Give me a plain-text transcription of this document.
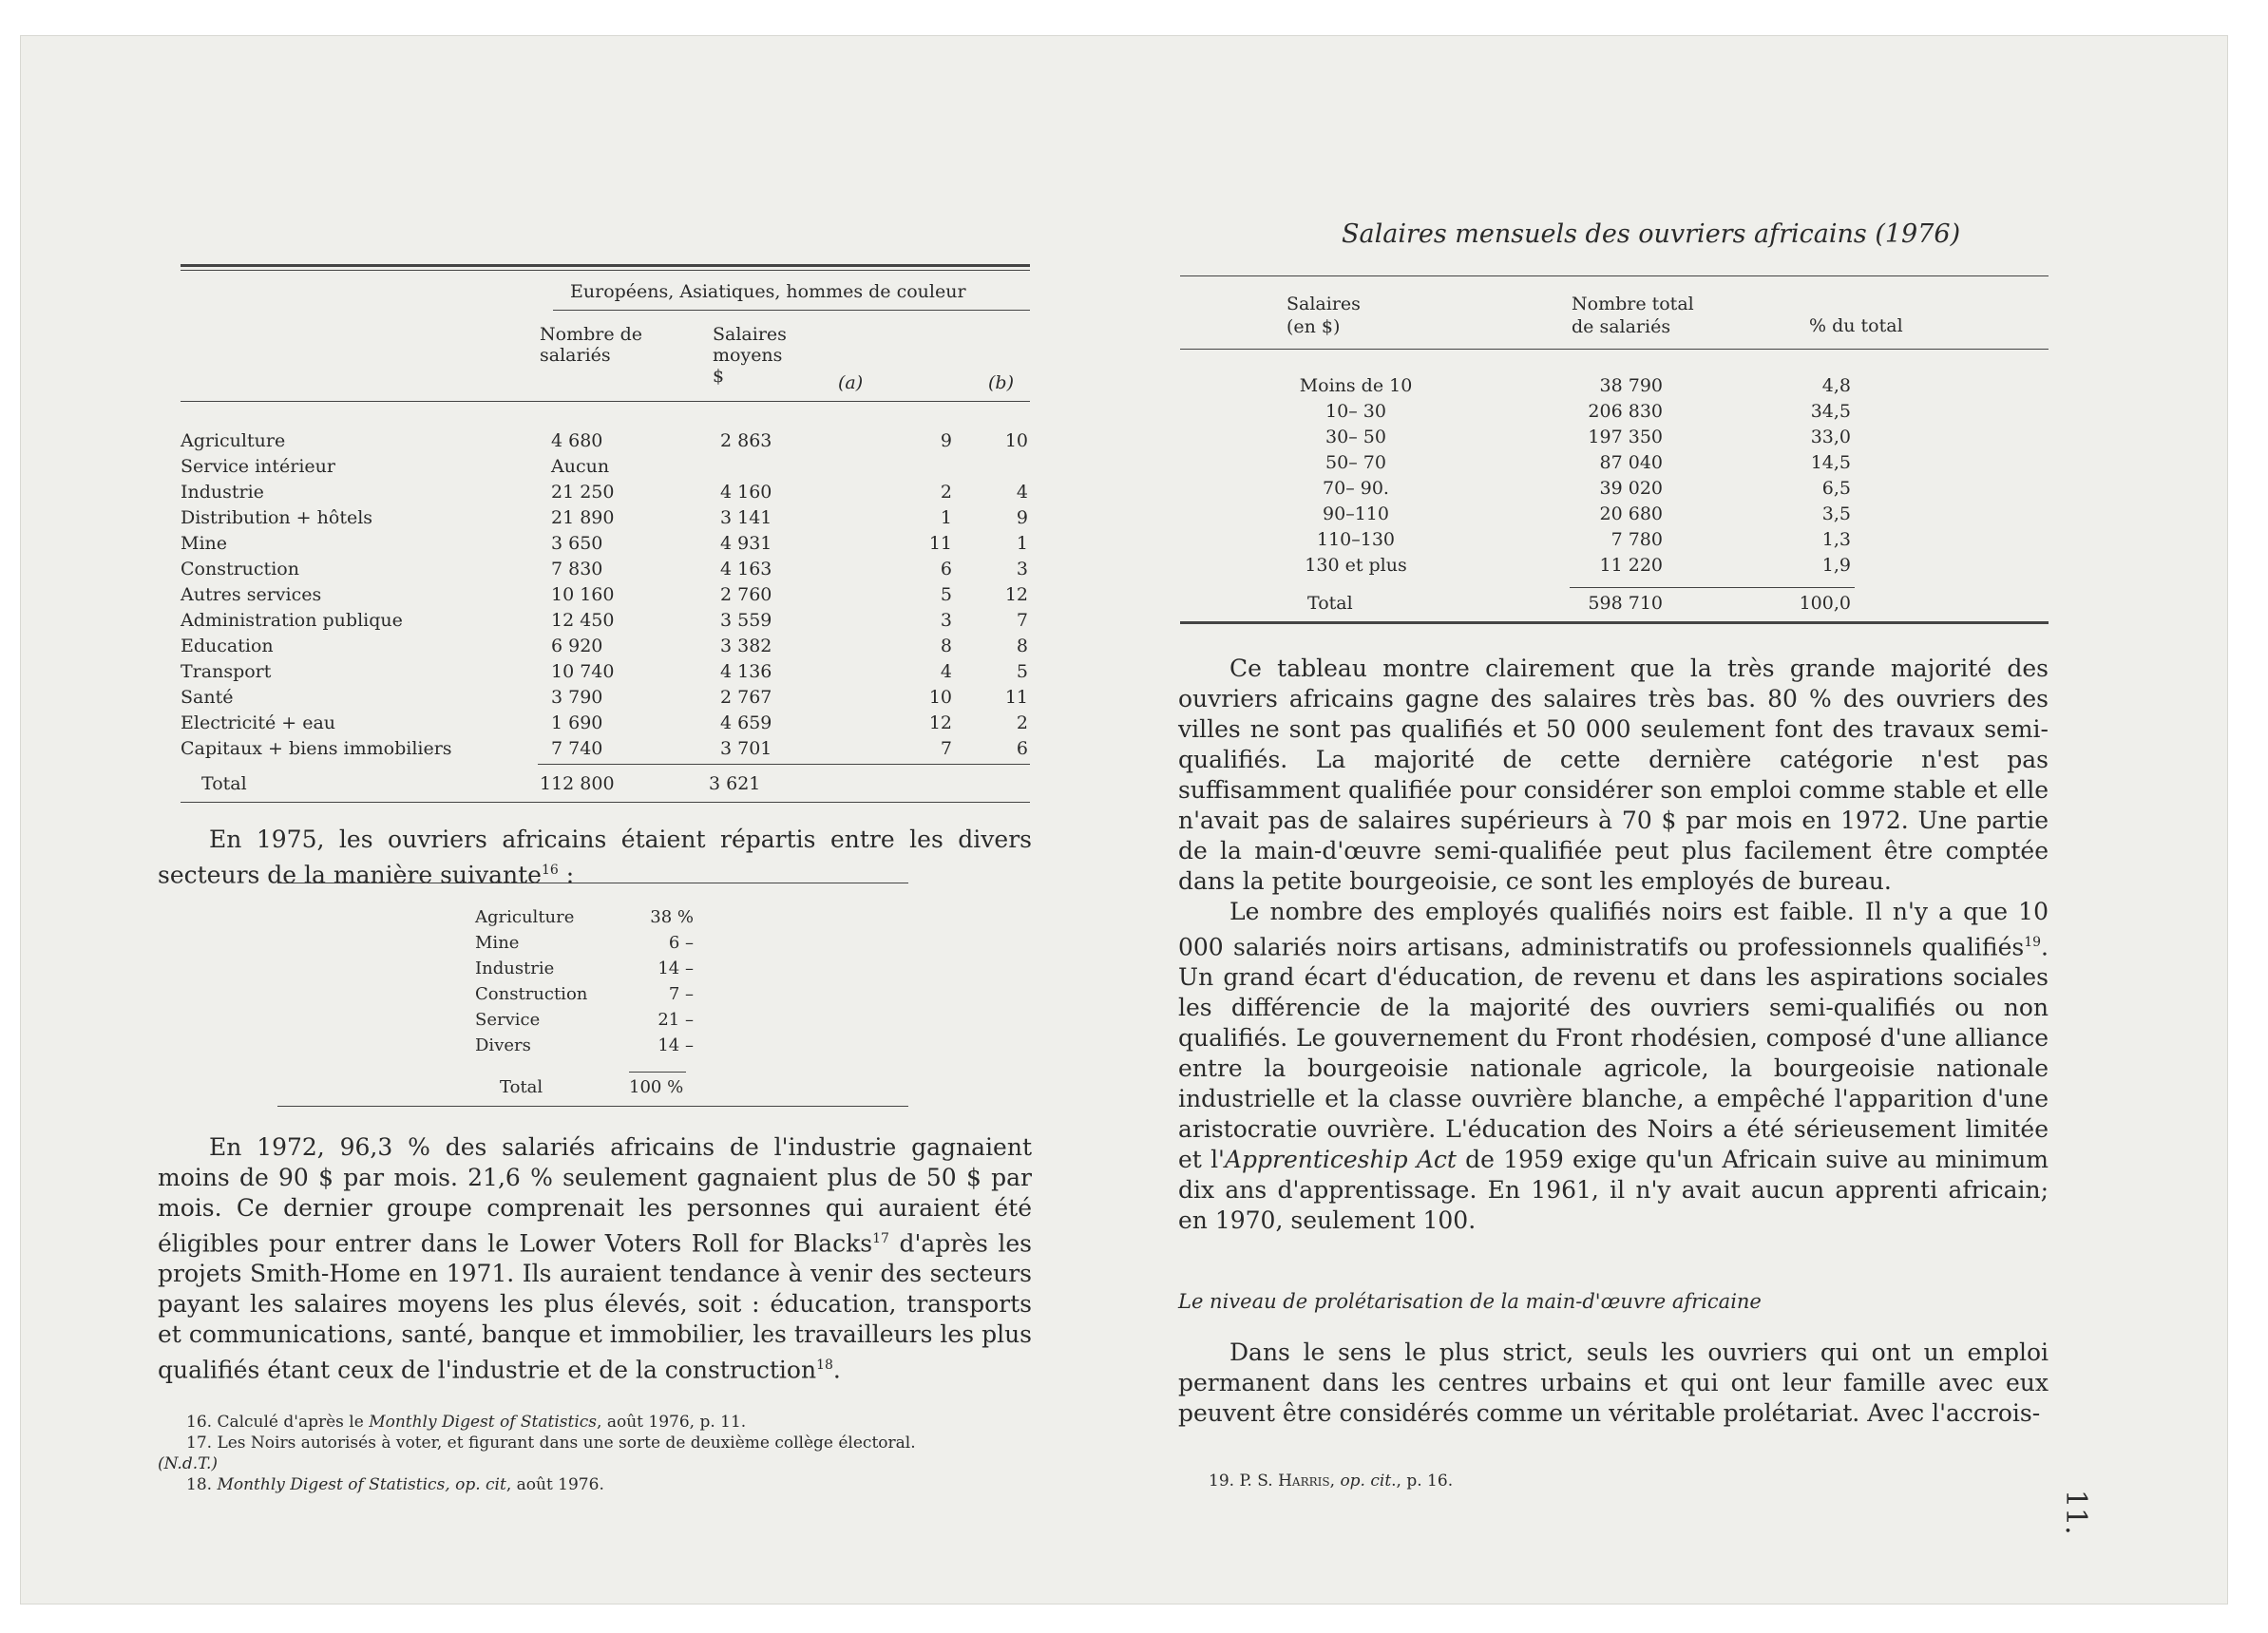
Européens, Asiatiques, hommes de couleur
Nombre de salariés
Salaires moyens $	(a)	(b)
Agriculture	4 680	2 863	9	10
Service intérieur	Aucun			
Industrie	21 250	4 160	2	4
Distribution + hôtels	21 890	3 141	1	9
Mine	3 650	4 931	11	1
Construction	7 830	4 163	6	3
Autres services	10 160	2 760	5	12
Administration publique	12 450	3 559	3	7
Education	6 920	3 382	8	8
Transport	10 740	4 136	4	5
Santé	3 790	2 767	10	11
Electricité + eau	1 690	4 659	12	2
Capitaux + biens immobiliers	7 740	3 701	7	6
Total	112 800	3 621
En 1975, les ouvriers africains étaient répartis entre les divers secteurs de la manière suivante$^{16}$ :
Agriculture	38 %
Mine	6 –
Industrie	14 –
Construction	7 –
Service	21 –
Divers	14 –
Total	100 %
En 1972, 96,3 % des salariés africains de l'industrie gagnaient moins de 90 $ par mois. 21,6 % seulement gagnaient plus de 50 $ par mois. Ce dernier groupe comprenait les personnes qui auraient été éligibles pour entrer dans le Lower Voters Roll for Blacks$^{17}$ d'après les projets Smith-Home en 1971. Ils auraient tendance à venir des secteurs payant les salaires moyens les plus élevés, soit : éducation, transports et communications, santé, banque et immobilier, les travailleurs les plus qualifiés étant ceux de l'industrie et de la construction$^{18}$.
16. Calculé d'après le Monthly Digest of Statistics, août 1976, p. 11.
17. Les Noirs autorisés à voter, et figurant dans une sorte de deuxième collège électoral.
(N.d.T.)
18. Monthly Digest of Statistics, op. cit, août 1976.
Salaires mensuels des ouvriers africains (1976)
Salaires (en $)
Nombre total de salariés	% du total
Moins de 10	38 790	4,8
10– 30	206 830	34,5
30– 50	197 350	33,0
50– 70	87 040	14,5
70– 90.	39 020	6,5
90–110	20 680	3,5
110–130	7 780	1,3
130 et plus	11 220	1,9
Total	598 710	100,0

Ce tableau montre clairement que la très grande majorité des ouvriers africains gagne des salaires très bas. 80 % des ouvriers des villes ne sont pas qualifiés et 50 000 seulement font des travaux semi-qualifiés. La majorité de cette dernière catégorie n'est pas suffisamment qualifiée pour considérer son emploi comme stable et elle n'avait pas de salaires supérieurs à 70 $ par mois en 1972. Une partie de la main-d'œuvre semi-qualifiée peut plus facilement être comptée dans la petite bourgeoisie, ce sont les employés de bureau.

Le nombre des employés qualifiés noirs est faible. Il n'y a que 10 000 salariés noirs artisans, administratifs ou professionnels qualifiés$^{19}$. Un grand écart d'éducation, de revenu et dans les aspirations sociales les différencie de la majorité des ouvriers semi-qualifiés ou non qualifiés. Le gouvernement du Front rhodésien, composé d'une alliance entre la bourgeoisie nationale agricole, la bourgeoisie nationale industrielle et la classe ouvrière blanche, a empêché l'apparition d'une aristocratie ouvrière. L'éducation des Noirs a été sérieusement limitée et l'Apprenticeship Act de 1959 exige qu'un Africain suive au minimum dix ans d'apprentissage. En 1961, il n'y avait aucun apprenti africain; en 1970, seulement 100.

Le niveau de prolétarisation de la main-d'œuvre africaine
Dans le sens le plus strict, seuls les ouvriers qui ont un emploi permanent dans les centres urbains et qui ont leur famille avec eux peuvent être considérés comme un véritable prolétariat. Avec l'accrois-
19. P. S. Harris, op. cit., p. 16.
11.
